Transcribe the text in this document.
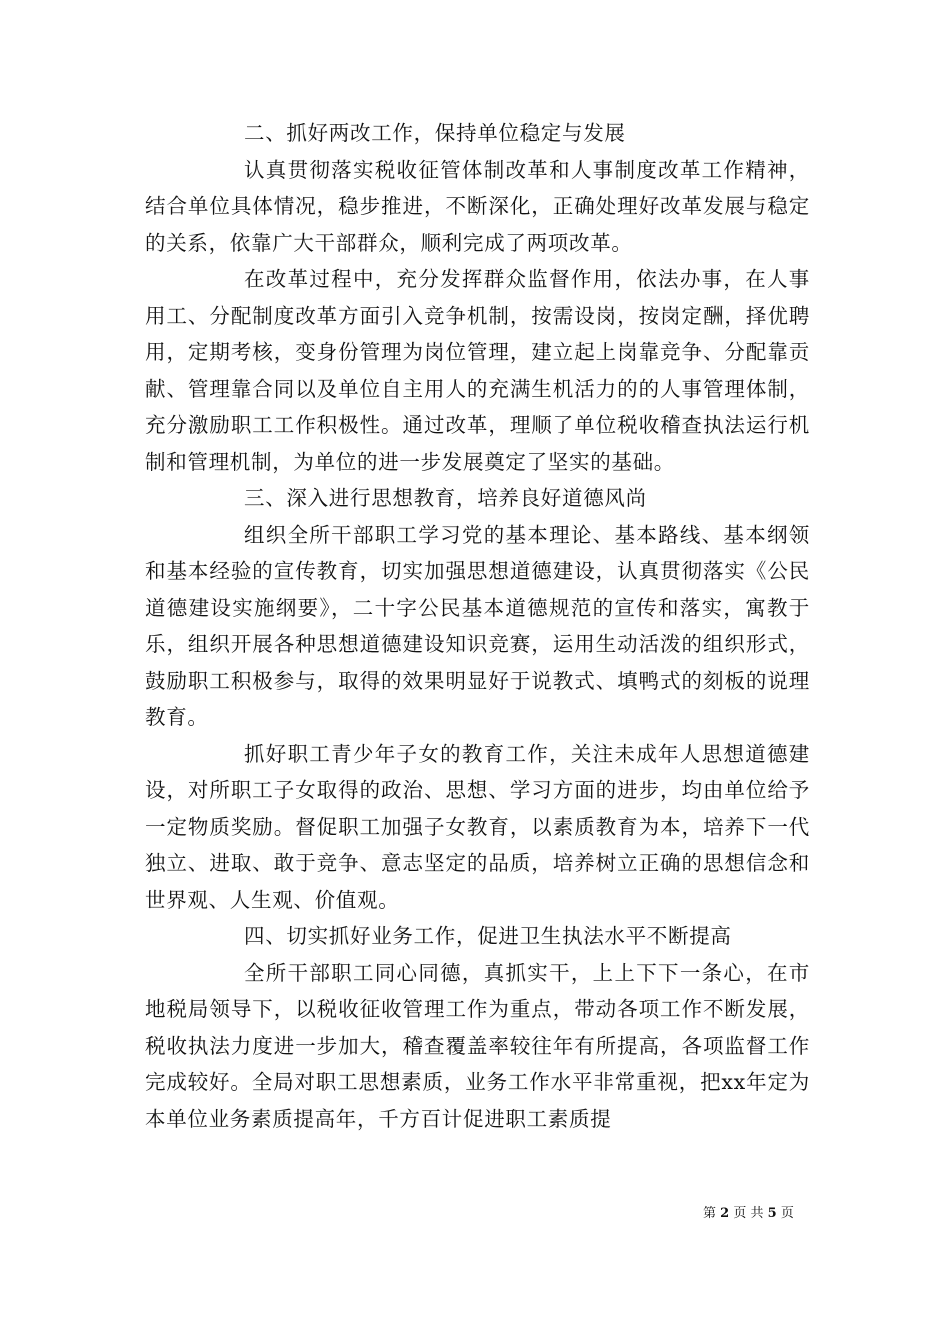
二、抓好两改工作，保持单位稳定与发展

认真贯彻落实税收征管体制改革和人事制度改革工作精神，结合单位具体情况，稳步推进，不断深化，正确处理好改革发展与稳定的关系，依靠广大干部群众，顺利完成了两项改革。

在改革过程中，充分发挥群众监督作用，依法办事，在人事用工、分配制度改革方面引入竞争机制，按需设岗，按岗定酬，择优聘用，定期考核，变身份管理为岗位管理，建立起上岗靠竞争、分配靠贡献、管理靠合同以及单位自主用人的充满生机活力的的人事管理体制，充分激励职工工作积极性。通过改革，理顺了单位税收稽查执法运行机制和管理机制，为单位的进一步发展奠定了坚实的基础。

三、深入进行思想教育，培养良好道德风尚

组织全所干部职工学习党的基本理论、基本路线、基本纲领和基本经验的宣传教育，切实加强思想道德建设，认真贯彻落实《公民道德建设实施纲要》，二十字公民基本道德规范的宣传和落实，寓教于乐，组织开展各种思想道德建设知识竞赛，运用生动活泼的组织形式，鼓励职工积极参与，取得的效果明显好于说教式、填鸭式的刻板的说理教育。

抓好职工青少年子女的教育工作，关注未成年人思想道德建设，对所职工子女取得的政治、思想、学习方面的进步，均由单位给予一定物质奖励。督促职工加强子女教育，以素质教育为本，培养下一代独立、进取、敢于竞争、意志坚定的品质，培养树立正确的思想信念和世界观、人生观、价值观。

四、切实抓好业务工作，促进卫生执法水平不断提高

全所干部职工同心同德，真抓实干，上上下下一条心，在市地税局领导下，以税收征收管理工作为重点，带动各项工作不断发展，税收执法力度进一步加大，稽查覆盖率较往年有所提高，各项监督工作完成较好。全局对职工思想素质，业务工作水平非常重视，把xx年定为本单位业务素质提高年，千方百计促进职工素质提

第 2 页 共 5 页
